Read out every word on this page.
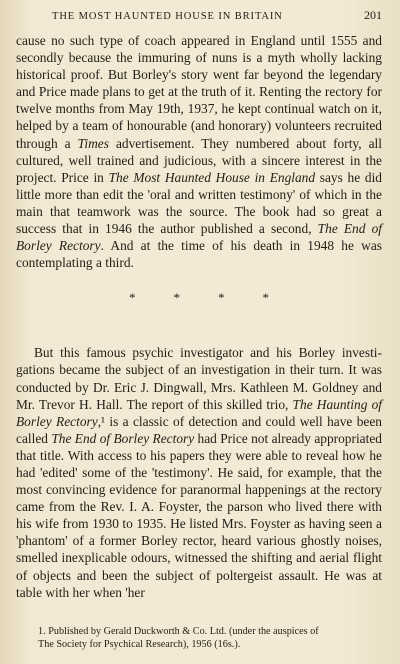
THE MOST HAUNTED HOUSE IN BRITAIN	201

cause no such type of coach appeared in England until 1555 and secondly because the immuring of nuns is a myth wholly lacking historical proof. But Borley's story went far beyond the legendary and Price made plans to get at the truth of it. Renting the rectory for twelve months from May 19th, 1937, he kept continual watch on it, helped by a team of honourable (and honorary) volunteers recruited through a Times advertisement. They numbered about forty, all cultured, well trained and judicious, with a sincere interest in the project. Price in The Most Haunted House in England says he did little more than edit the 'oral and written testimony' of which in the main that teamwork was the source. The book had so great a success that in 1946 the author published a second, The End of Borley Rectory. And at the time of his death in 1948 he was contemplating a third.

*	*	*	*

But this famous psychic investigator and his Borley investigations became the subject of an investigation in their turn. It was conducted by Dr. Eric J. Dingwall, Mrs. Kathleen M. Goldney and Mr. Trevor H. Hall. The report of this skilled trio, The Haunting of Borley Rectory,¹ is a classic of detection and could well have been called The End of Borley Rectory had Price not already appropriated that title. With access to his papers they were able to reveal how he had 'edited' some of the 'testimony'. He said, for example, that the most convincing evidence for paranormal happenings at the rectory came from the Rev. I. A. Foyster, the parson who lived there with his wife from 1930 to 1935. He listed Mrs. Foyster as having seen a 'phantom' of a former Borley rector, heard various ghostly noises, smelled inexplicable odours, witnessed the shifting and aerial flight of objects and been the subject of poltergeist assault. He was at table with her when 'her

1. Published by Gerald Duckworth & Co. Ltd. (under the auspices of
The Society for Psychical Research), 1956 (16s.).
